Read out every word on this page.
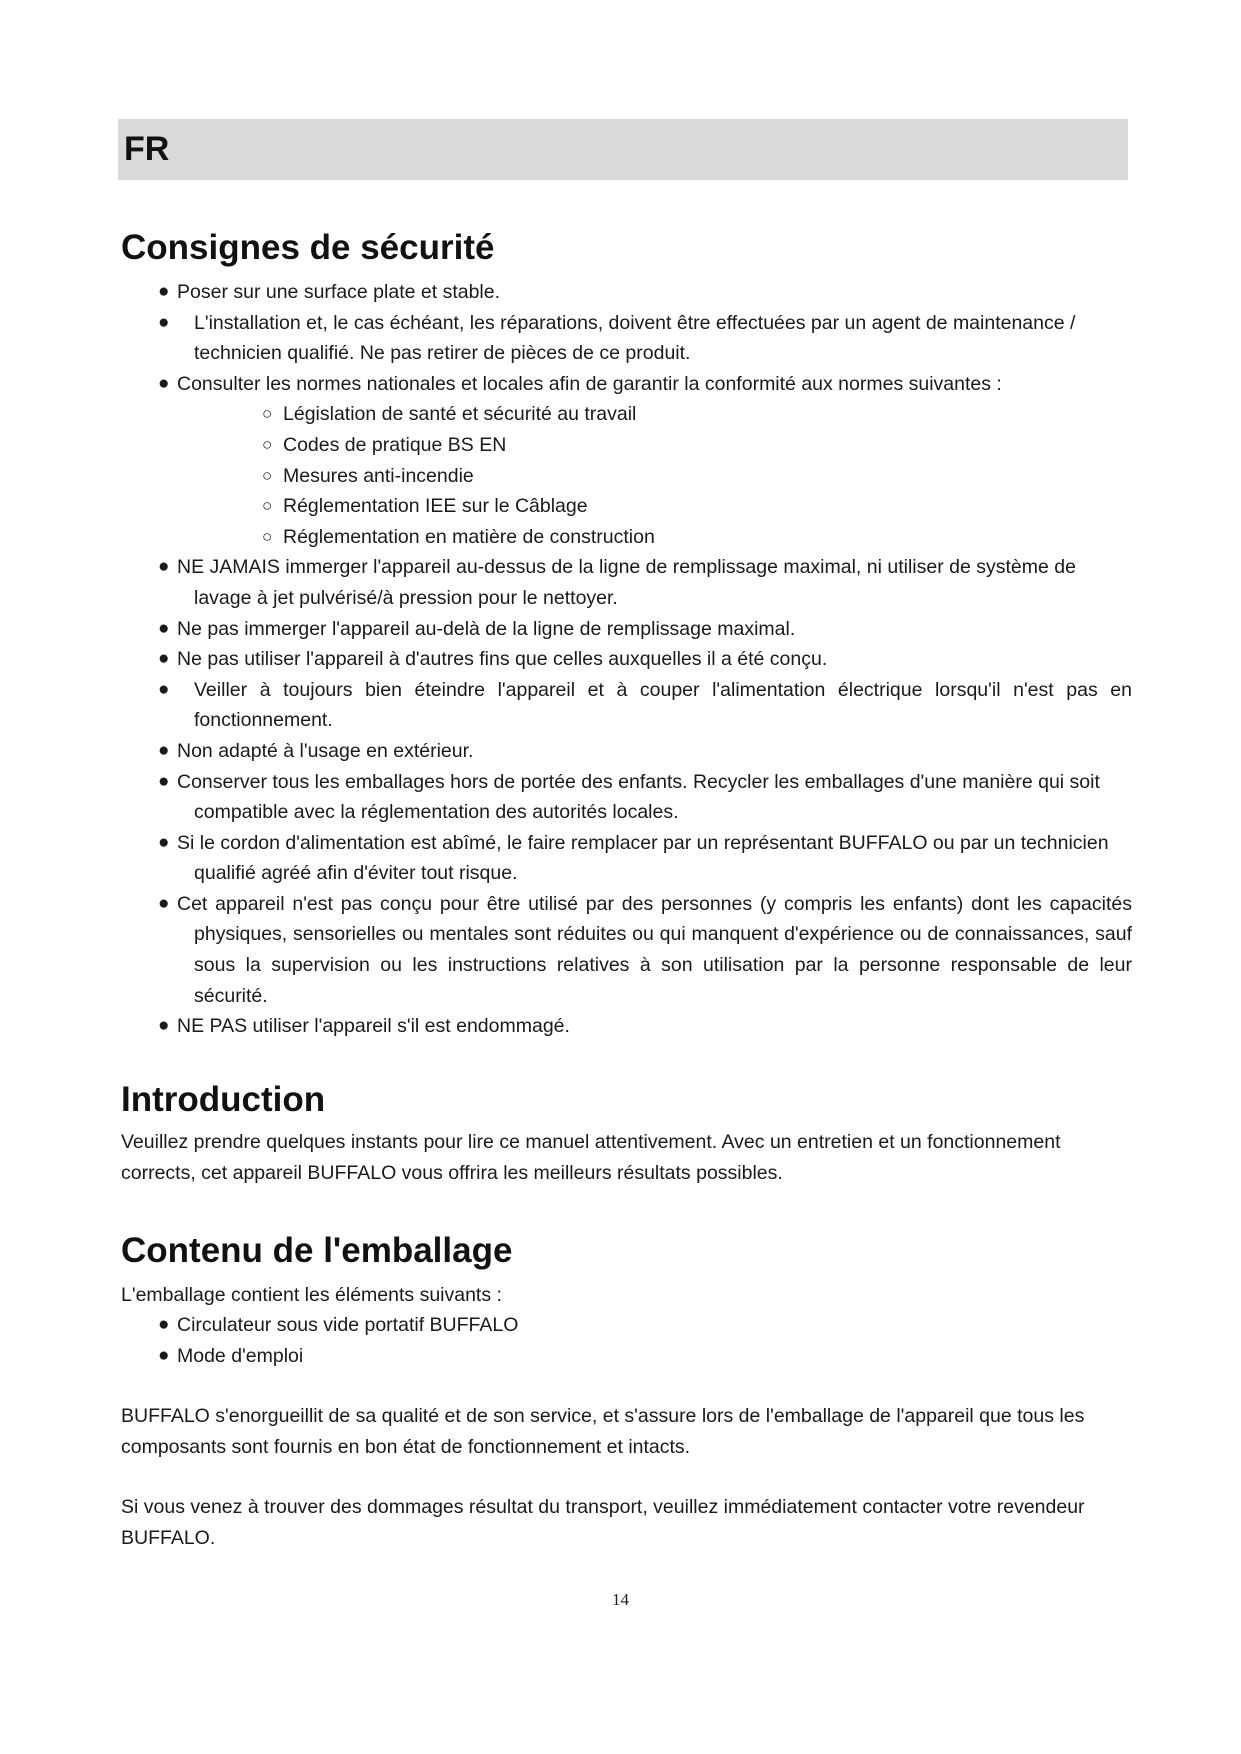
FR
Consignes de sécurité
● Poser sur une surface plate et stable.
● L'installation et, le cas échéant, les réparations, doivent être effectuées par un agent de maintenance / technicien qualifié. Ne pas retirer de pièces de ce produit.
● Consulter les normes nationales et locales afin de garantir la conformité aux normes suivantes :
○ Législation de santé et sécurité au travail
○ Codes de pratique BS EN
○ Mesures anti-incendie
○ Réglementation IEE sur le Câblage
○ Réglementation en matière de construction
● NE JAMAIS immerger l'appareil au-dessus de la ligne de remplissage maximal, ni utiliser de système de lavage à jet pulvérisé/à pression pour le nettoyer.
● Ne pas immerger l'appareil au-delà de la ligne de remplissage maximal.
● Ne pas utiliser l'appareil à d'autres fins que celles auxquelles il a été conçu.
● Veiller à toujours bien éteindre l'appareil et à couper l'alimentation électrique lorsqu'il n'est pas en fonctionnement.
● Non adapté à l'usage en extérieur.
● Conserver tous les emballages hors de portée des enfants. Recycler les emballages d'une manière qui soit compatible avec la réglementation des autorités locales.
● Si le cordon d'alimentation est abîmé, le faire remplacer par un représentant BUFFALO ou par un technicien qualifié agréé afin d'éviter tout risque.
● Cet appareil n'est pas conçu pour être utilisé par des personnes (y compris les enfants) dont les capacités physiques, sensorielles ou mentales sont réduites ou qui manquent d'expérience ou de connaissances, sauf sous la supervision ou les instructions relatives à son utilisation par la personne responsable de leur sécurité.
● NE PAS utiliser l'appareil s'il est endommagé.
Introduction

Veuillez prendre quelques instants pour lire ce manuel attentivement. Avec un entretien et un fonctionnement corrects, cet appareil BUFFALO vous offrira les meilleurs résultats possibles.

Contenu de l'emballage

L'emballage contient les éléments suivants :

● Circulateur sous vide portatif BUFFALO
● Mode d'emploi

BUFFALO s'enorgueillit de sa qualité et de son service, et s'assure lors de l'emballage de l'appareil que tous les composants sont fournis en bon état de fonctionnement et intacts.

Si vous venez à trouver des dommages résultat du transport, veuillez immédiatement contacter votre revendeur BUFFALO.

14
